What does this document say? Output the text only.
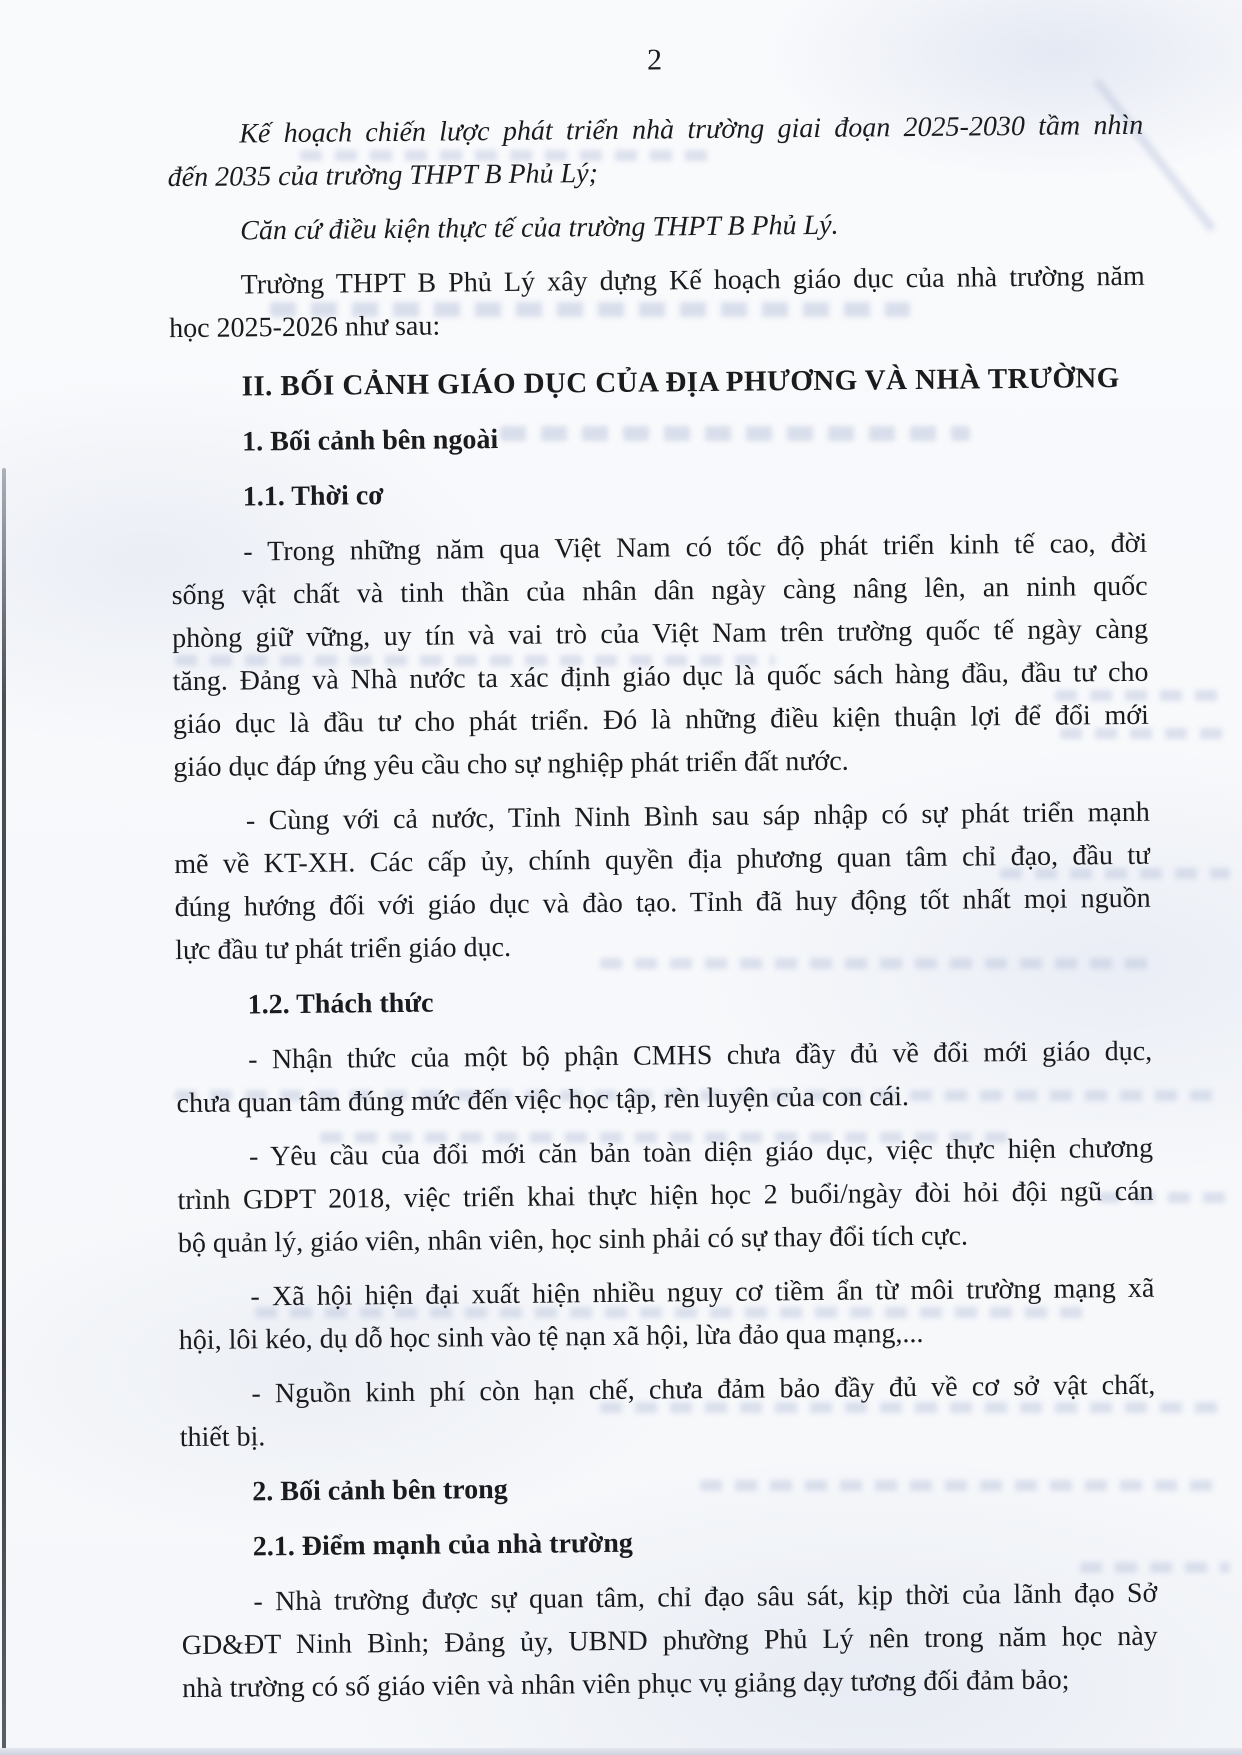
2
Kế hoạch chiến lược phát triển nhà trường giai đoạn 2025-2030 tầm nhìn
đến 2035 của trường THPT B Phủ Lý;
Căn cứ điều kiện thực tế của trường THPT B Phủ Lý.
Trường THPT B Phủ Lý xây dựng Kế hoạch giáo dục của nhà trường năm
học 2025-2026 như sau:
II. BỐI CẢNH GIÁO DỤC CỦA ĐỊA PHƯƠNG VÀ NHÀ TRƯỜNG
1. Bối cảnh bên ngoài
1.1. Thời cơ
- Trong những năm qua Việt Nam có tốc độ phát triển kinh tế cao, đời
sống vật chất và tinh thần của nhân dân ngày càng nâng lên, an ninh quốc
phòng giữ vững, uy tín và vai trò của Việt Nam trên trường quốc tế ngày càng
tăng. Đảng và Nhà nước ta xác định giáo dục là quốc sách hàng đầu, đầu tư cho
giáo dục là đầu tư cho phát triển. Đó là những điều kiện thuận lợi để đổi mới
giáo dục đáp ứng yêu cầu cho sự nghiệp phát triển đất nước.
- Cùng với cả nước, Tỉnh Ninh Bình sau sáp nhập có sự phát triển mạnh
mẽ về KT-XH. Các cấp ủy, chính quyền địa phương quan tâm chỉ đạo, đầu tư
đúng hướng đối với giáo dục và đào tạo. Tỉnh đã huy động tốt nhất mọi nguồn
lực đầu tư phát triển giáo dục.
1.2. Thách thức
- Nhận thức của một bộ phận CMHS chưa đầy đủ về đổi mới giáo dục,
chưa quan tâm đúng mức đến việc học tập, rèn luyện của con cái.
- Yêu cầu của đổi mới căn bản toàn diện giáo dục, việc thực hiện chương
trình GDPT 2018, việc triển khai thực hiện học 2 buổi/ngày đòi hỏi đội ngũ cán
bộ quản lý, giáo viên, nhân viên, học sinh phải có sự thay đổi tích cực.
- Xã hội hiện đại xuất hiện nhiều nguy cơ tiềm ẩn từ môi trường mạng xã
hội, lôi kéo, dụ dỗ học sinh vào tệ nạn xã hội, lừa đảo qua mạng,...
- Nguồn kinh phí còn hạn chế, chưa đảm bảo đầy đủ về cơ sở vật chất,
thiết bị.
2. Bối cảnh bên trong
2.1. Điểm mạnh của nhà trường
- Nhà trường được sự quan tâm, chỉ đạo sâu sát, kịp thời của lãnh đạo Sở
GD&ĐT Ninh Bình; Đảng ủy, UBND phường Phủ Lý nên trong năm học này
nhà trường có số giáo viên và nhân viên phục vụ giảng dạy tương đối đảm bảo;
